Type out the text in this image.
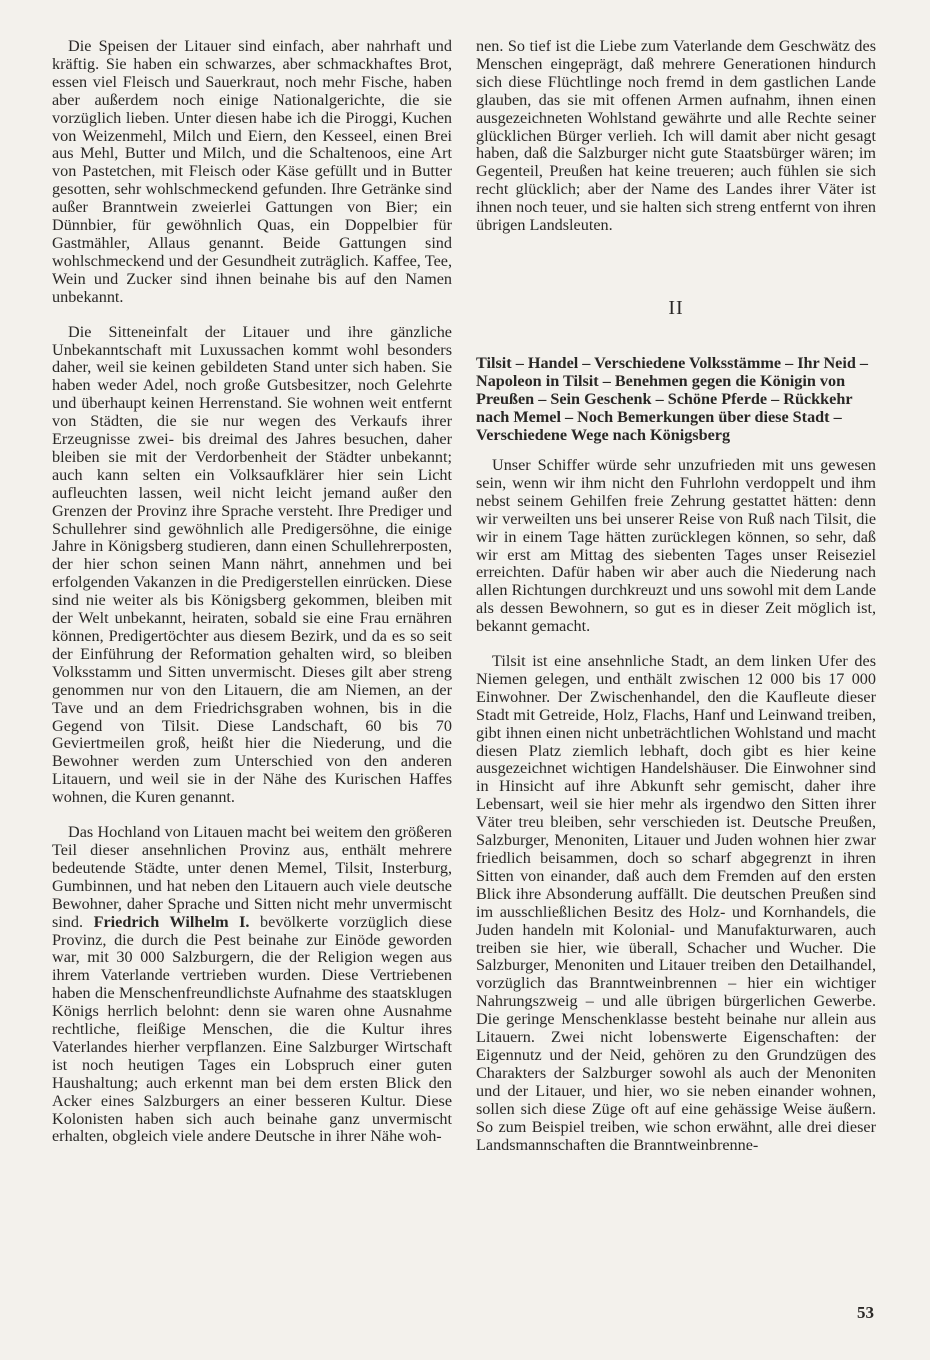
Die Speisen der Litauer sind einfach, aber nahrhaft und kräftig. Sie haben ein schwarzes, aber schmackhaftes Brot, essen viel Fleisch und Sauerkraut, noch mehr Fische, haben aber außerdem noch einige Nationalgerichte, die sie vorzüglich lieben. Unter diesen habe ich die Piroggi, Kuchen von Weizenmehl, Milch und Eiern, den Kesseel, einen Brei aus Mehl, Butter und Milch, und die Schaltenoos, eine Art von Pastetchen, mit Fleisch oder Käse gefüllt und in Butter gesotten, sehr wohlschmeckend gefunden. Ihre Getränke sind außer Branntwein zweierlei Gattungen von Bier; ein Dünnbier, für gewöhnlich Quas, ein Doppelbier für Gastmähler, Allaus genannt. Beide Gattungen sind wohlschmeckend und der Gesundheit zuträglich. Kaffee, Tee, Wein und Zucker sind ihnen beinahe bis auf den Namen unbekannt.

Die Sitteneinfalt der Litauer und ihre gänzliche Unbekanntschaft mit Luxussachen kommt wohl besonders daher, weil sie keinen gebildeten Stand unter sich haben. Sie haben weder Adel, noch große Gutsbesitzer, noch Gelehrte und überhaupt keinen Herrenstand. Sie wohnen weit entfernt von Städten, die sie nur wegen des Verkaufs ihrer Erzeugnisse zwei- bis dreimal des Jahres besuchen, daher bleiben sie mit der Verdorbenheit der Städter unbekannt; auch kann selten ein Volksaufklärer hier sein Licht aufleuchten lassen, weil nicht leicht jemand außer den Grenzen der Provinz ihre Sprache versteht. Ihre Prediger und Schullehrer sind gewöhnlich alle Predigersöhne, die einige Jahre in Königsberg studieren, dann einen Schullehrerposten, der hier schon seinen Mann nährt, annehmen und bei erfolgenden Vakanzen in die Predigerstellen einrücken. Diese sind nie weiter als bis Königsberg gekommen, bleiben mit der Welt unbekannt, heiraten, sobald sie eine Frau ernähren können, Predigertöchter aus diesem Bezirk, und da es so seit der Einführung der Reformation gehalten wird, so bleiben Volksstamm und Sitten unvermischt. Dieses gilt aber streng genommen nur von den Litauern, die am Niemen, an der Tave und an dem Friedrichsgraben wohnen, bis in die Gegend von Tilsit. Diese Landschaft, 60 bis 70 Geviertmeilen groß, heißt hier die Niederung, und die Bewohner werden zum Unterschied von den anderen Litauern, und weil sie in der Nähe des Kurischen Haffes wohnen, die Kuren genannt.

Das Hochland von Litauen macht bei weitem den größeren Teil dieser ansehnlichen Provinz aus, enthält mehrere bedeutende Städte, unter denen Memel, Tilsit, Insterburg, Gumbinnen, und hat neben den Litauern auch viele deutsche Bewohner, daher Sprache und Sitten nicht mehr unvermischt sind. Friedrich Wilhelm I. bevölkerte vorzüglich diese Provinz, die durch die Pest beinahe zur Einöde geworden war, mit 30 000 Salzburgern, die der Religion wegen aus ihrem Vaterlande vertrieben wurden. Diese Vertriebenen haben die Menschenfreundlichste Aufnahme des staatsklugen Königs herrlich belohnt: denn sie waren ohne Ausnahme rechtliche, fleißige Menschen, die die Kultur ihres Vaterlandes hierher verpflanzen. Eine Salzburger Wirtschaft ist noch heutigen Tages ein Lobspruch einer guten Haushaltung; auch erkennt man bei dem ersten Blick den Acker eines Salzburgers an einer besseren Kultur. Diese Kolonisten haben sich auch beinahe ganz unvermischt erhalten, obgleich viele andere Deutsche in ihrer Nähe woh-

nen. So tief ist die Liebe zum Vaterlande dem Geschwätz des Menschen eingeprägt, daß mehrere Generationen hindurch sich diese Flüchtlinge noch fremd in dem gastlichen Lande glauben, das sie mit offenen Armen aufnahm, ihnen einen ausgezeichneten Wohlstand gewährte und alle Rechte seiner glücklichen Bürger verlieh. Ich will damit aber nicht gesagt haben, daß die Salzburger nicht gute Staatsbürger wären; im Gegenteil, Preußen hat keine treueren; auch fühlen sie sich recht glücklich; aber der Name des Landes ihrer Väter ist ihnen noch teuer, und sie halten sich streng entfernt von ihren übrigen Landsleuten.

II

Tilsit – Handel – Verschiedene Volksstämme – Ihr Neid – Napoleon in Tilsit – Benehmen gegen die Königin von Preußen – Sein Geschenk – Schöne Pferde – Rückkehr nach Memel – Noch Bemerkungen über diese Stadt – Verschiedene Wege nach Königsberg

Unser Schiffer würde sehr unzufrieden mit uns gewesen sein, wenn wir ihm nicht den Fuhrlohn verdoppelt und ihm nebst seinem Gehilfen freie Zehrung gestattet hätten: denn wir verweilten uns bei unserer Reise von Ruß nach Tilsit, die wir in einem Tage hätten zurücklegen können, so sehr, daß wir erst am Mittag des siebenten Tages unser Reiseziel erreichten. Dafür haben wir aber auch die Niederung nach allen Richtungen durchkreuzt und uns sowohl mit dem Lande als dessen Bewohnern, so gut es in dieser Zeit möglich ist, bekannt gemacht.

Tilsit ist eine ansehnliche Stadt, an dem linken Ufer des Niemen gelegen, und enthält zwischen 12 000 bis 17 000 Einwohner. Der Zwischenhandel, den die Kaufleute dieser Stadt mit Getreide, Holz, Flachs, Hanf und Leinwand treiben, gibt ihnen einen nicht unbeträchtlichen Wohlstand und macht diesen Platz ziemlich lebhaft, doch gibt es hier keine ausgezeichnet wichtigen Handelshäuser. Die Einwohner sind in Hinsicht auf ihre Abkunft sehr gemischt, daher ihre Lebensart, weil sie hier mehr als irgendwo den Sitten ihrer Väter treu bleiben, sehr verschieden ist. Deutsche Preußen, Salzburger, Menoniten, Litauer und Juden wohnen hier zwar friedlich beisammen, doch so scharf abgegrenzt in ihren Sitten von einander, daß auch dem Fremden auf den ersten Blick ihre Absonderung auffällt. Die deutschen Preußen sind im ausschließlichen Besitz des Holz- und Kornhandels, die Juden handeln mit Kolonial- und Manufakturwaren, auch treiben sie hier, wie überall, Schacher und Wucher. Die Salzburger, Menoniten und Litauer treiben den Detailhandel, vorzüglich das Branntweinbrennen – hier ein wichtiger Nahrungszweig – und alle übrigen bürgerlichen Gewerbe. Die geringe Menschenklasse besteht beinahe nur allein aus Litauern. Zwei nicht lobenswerte Eigenschaften: der Eigennutz und der Neid, gehören zu den Grundzügen des Charakters der Salzburger sowohl als auch der Menoniten und der Litauer, und hier, wo sie neben einander wohnen, sollen sich diese Züge oft auf eine gehässige Weise äußern. So zum Beispiel treiben, wie schon erwähnt, alle drei dieser Landsmannschaften die Branntweinbrenne-

53
